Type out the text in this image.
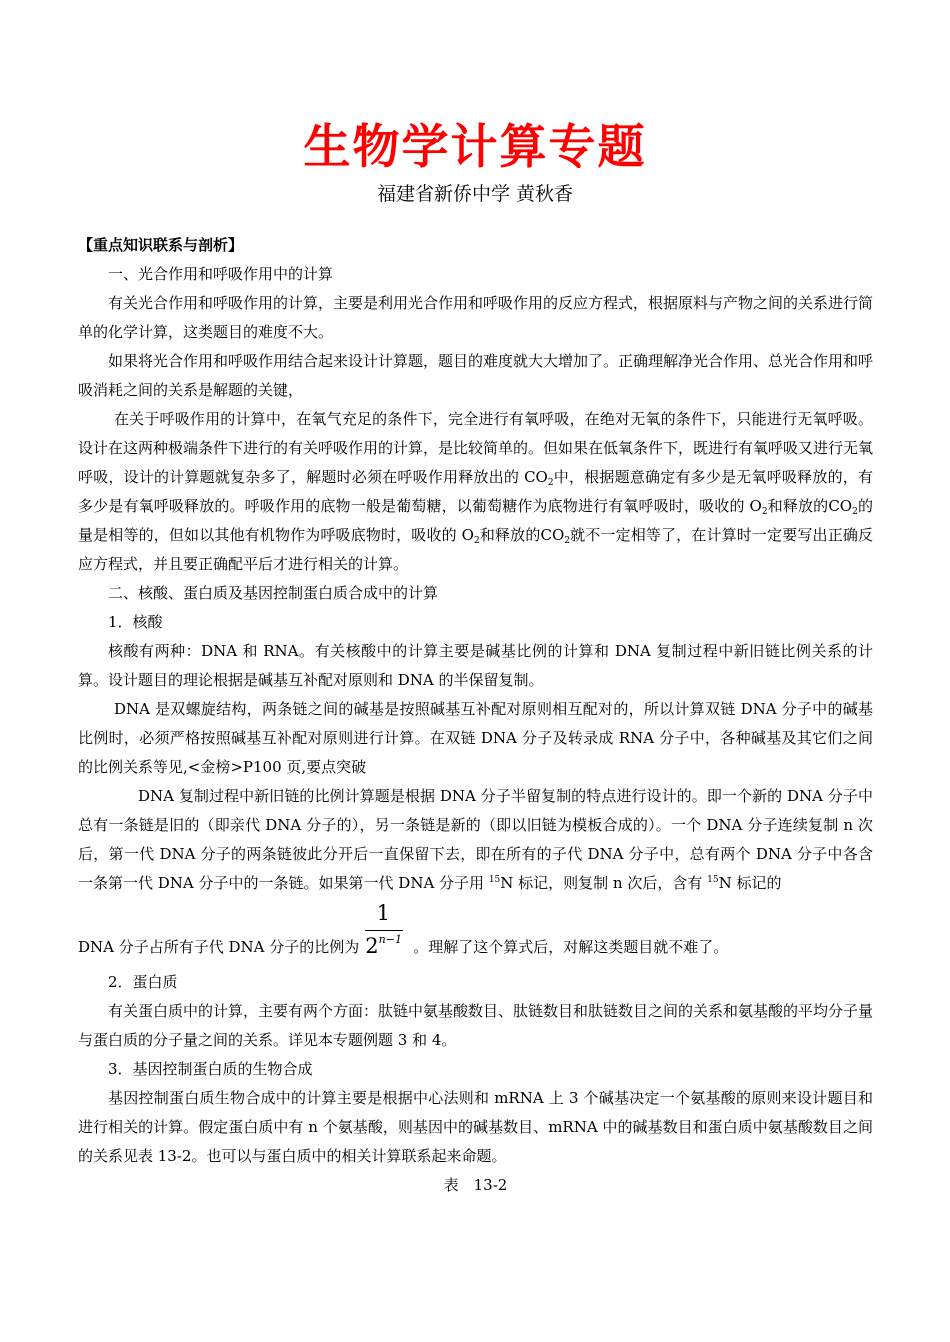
生物学计算专题
福建省新侨中学 黄秋香

【重点知识联系与剖析】

一、光合作用和呼吸作用中的计算

有关光合作用和呼吸作用的计算，主要是利用光合作用和呼吸作用的反应方程式，根据原料与产物之间的关系进行简单的化学计算，这类题目的难度不大。

如果将光合作用和呼吸作用结合起来设计计算题，题目的难度就大大增加了。正确理解净光合作用、总光合作用和呼吸消耗之间的关系是解题的关键，

在关于呼吸作用的计算中，在氧气充足的条件下，完全进行有氧呼吸，在绝对无氧的条件下，只能进行无氧呼吸。设计在这两种极端条件下进行的有关呼吸作用的计算，是比较简单的。但如果在低氧条件下，既进行有氧呼吸又进行无氧呼吸，设计的计算题就复杂多了，解题时必须在呼吸作用释放出的 $CO_2$中，根据题意确定有多少是无氧呼吸释放的，有多少是有氧呼吸释放的。呼吸作用的底物一般是葡萄糖，以葡萄糖作为底物进行有氧呼吸时，吸收的 $O_2$和释放的$CO_2$的量是相等的，但如以其他有机物作为呼吸底物时，吸收的 $O_2$和释放的$CO_2$就不一定相等了，在计算时一定要写出正确反应方程式，并且要正确配平后才进行相关的计算。

二、核酸、蛋白质及基因控制蛋白质合成中的计算

1．核酸

核酸有两种：DNA 和 RNA。有关核酸中的计算主要是碱基比例的计算和 DNA 复制过程中新旧链比例关系的计算。设计题目的理论根据是碱基互补配对原则和 DNA 的半保留复制。

DNA 是双螺旋结构，两条链之间的碱基是按照碱基互补配对原则相互配对的，所以计算双链 DNA 分子中的碱基比例时，必须严格按照碱基互补配对原则进行计算。在双链 DNA 分子及转录成 RNA 分子中，各种碱基及其它们之间的比例关系等见,<金榜>P100 页,要点突破

DNA 复制过程中新旧链的比例计算题是根据 DNA 分子半留复制的特点进行设计的。即一个新的 DNA 分子中总有一条链是旧的（即亲代 DNA 分子的），另一条链是新的（即以旧链为模板合成的）。一个 DNA 分子连续复制 n 次后，第一代 DNA 分子的两条链彼此分开后一直保留下去，即在所有的子代 DNA 分子中，总有两个 DNA 分子中各含一条第一代 DNA 分子中的一条链。如果第一代 DNA 分子用 $^{15}$N 标记，则复制 n 次后，含有 $^{15}$N 标记的

DNA 分子占所有子代 DNA 分子的比例为 $\frac{1}{2^{n-1}}$ 。理解了这个算式后，对解这类题目就不难了。

2．蛋白质

有关蛋白质中的计算，主要有两个方面：肽链中氨基酸数目、肽链数目和肽链数目之间的关系和氨基酸的平均分子量与蛋白质的分子量之间的关系。详见本专题例题 3 和 4。

3．基因控制蛋白质的生物合成

基因控制蛋白质生物合成中的计算主要是根据中心法则和 mRNA 上 3 个碱基决定一个氨基酸的原则来设计题目和进行相关的计算。假定蛋白质中有 n 个氨基酸，则基因中的碱基数目、mRNA 中的碱基数目和蛋白质中氨基酸数目之间的关系见表 13-2。也可以与蛋白质中的相关计算联系起来命题。

表　13-2
